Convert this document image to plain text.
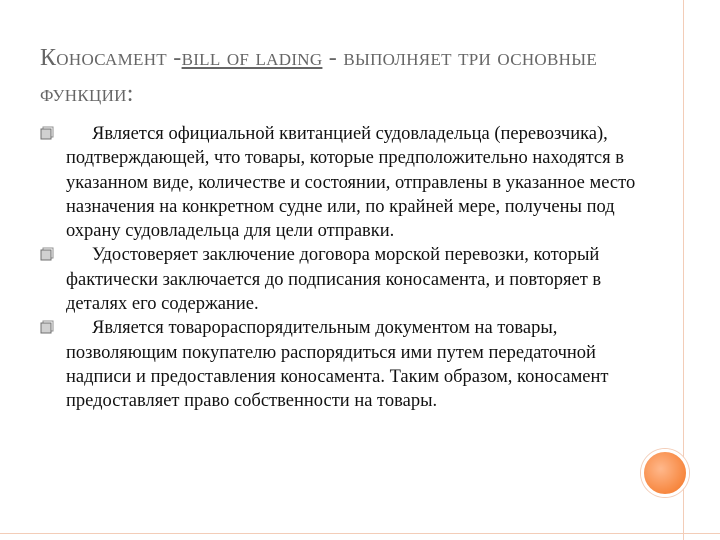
Коносамент -bill of lading - выполняет три основные функции:
Является официальной квитанцией судовладельца (перевозчика), подтверждающей, что товары, которые предположительно находятся в указанном виде, количестве и состоянии, отправлены в указанное место назначения на конкретном судне или, по крайней мере, получены под охрану судовладельца для цели отправки.
Удостоверяет заключение договора морской перевозки, который фактически заключается до подписания коносамента, и повторяет в деталях его содержание.
Является товарораспорядительным документом на товары, позволяющим покупателю распорядиться ими путем передаточной надписи и предоставления коносамента. Таким образом, коносамент предоставляет право собственности на товары.
